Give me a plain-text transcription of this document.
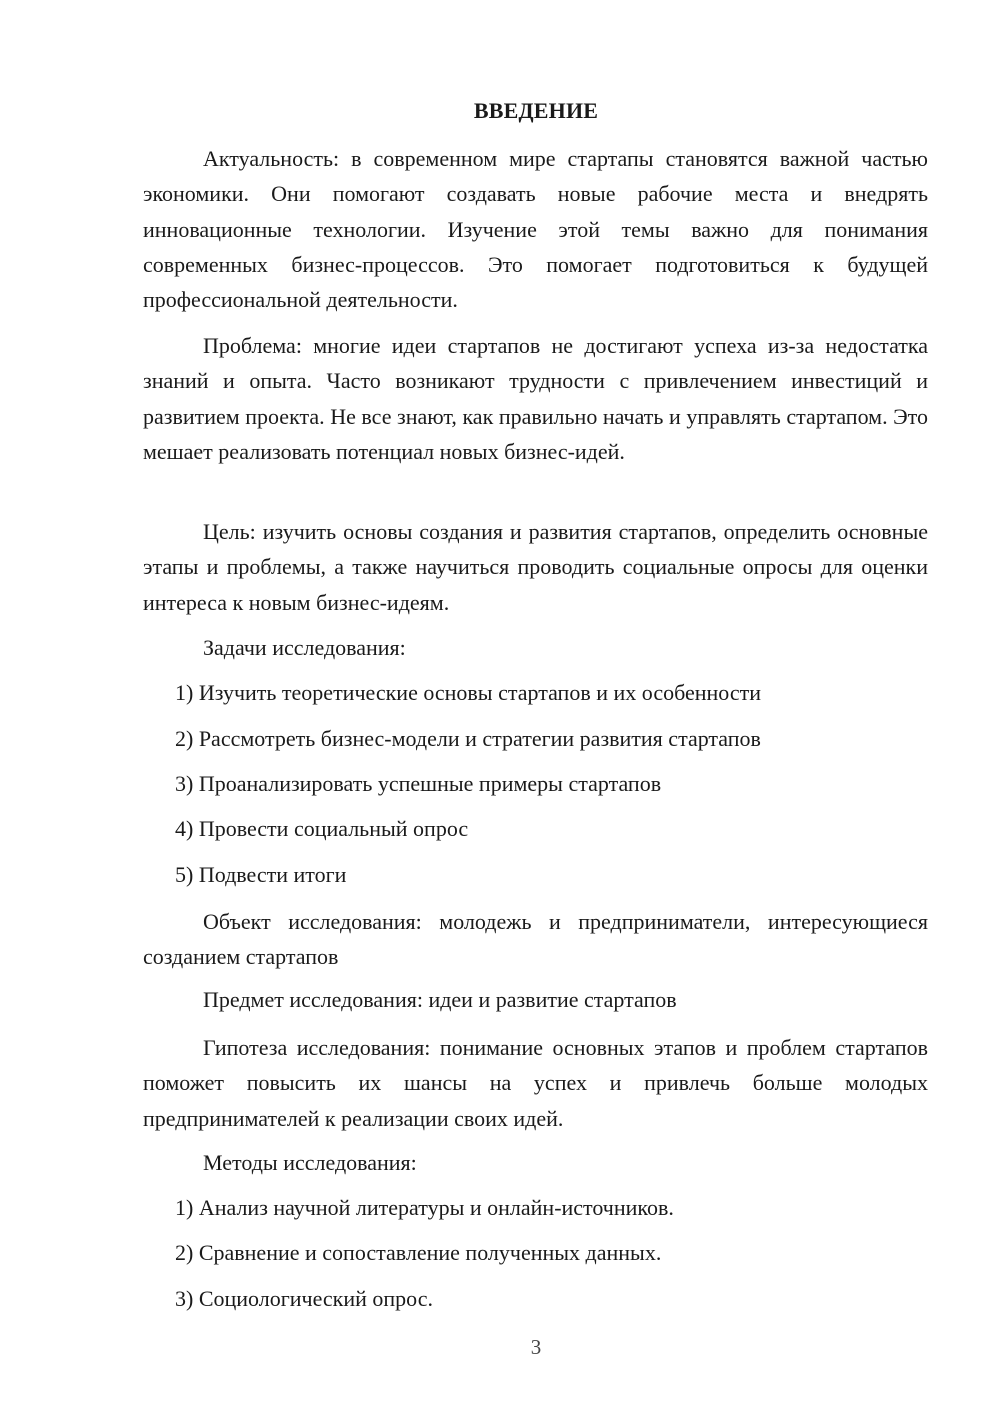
ВВЕДЕНИЕ

Актуальность: в современном мире стартапы становятся важной частью экономики. Они помогают создавать новые рабочие места и внедрять инновационные технологии. Изучение этой темы важно для понимания современных бизнес-процессов. Это помогает подготовиться к будущей профессиональной деятельности.

Проблема: многие идеи стартапов не достигают успеха из-за недостатка знаний и опыта. Часто возникают трудности с привлечением инвестиций и развитием проекта. Не все знают, как правильно начать и управлять стартапом. Это мешает реализовать потенциал новых бизнес-идей.

Цель: изучить основы создания и развития стартапов, определить основные этапы и проблемы, а также научиться проводить социальные опросы для оценки интереса к новым бизнес-идеям.

Задачи исследования:
1) Изучить теоретические основы стартапов и их особенности
2) Рассмотреть бизнес-модели и стратегии развития стартапов
3) Проанализировать успешные примеры стартапов
4) Провести социальный опрос
5) Подвести итоги

Объект исследования: молодежь и предприниматели, интересующиеся созданием стартапов

Предмет исследования: идеи и развитие стартапов

Гипотеза исследования: понимание основных этапов и проблем стартапов поможет повысить их шансы на успех и привлечь больше молодых предпринимателей к реализации своих идей.

Методы исследования:
1) Анализ научной литературы и онлайн-источников.
2) Сравнение и сопоставление полученных данных.
3) Социологический опрос.
3
